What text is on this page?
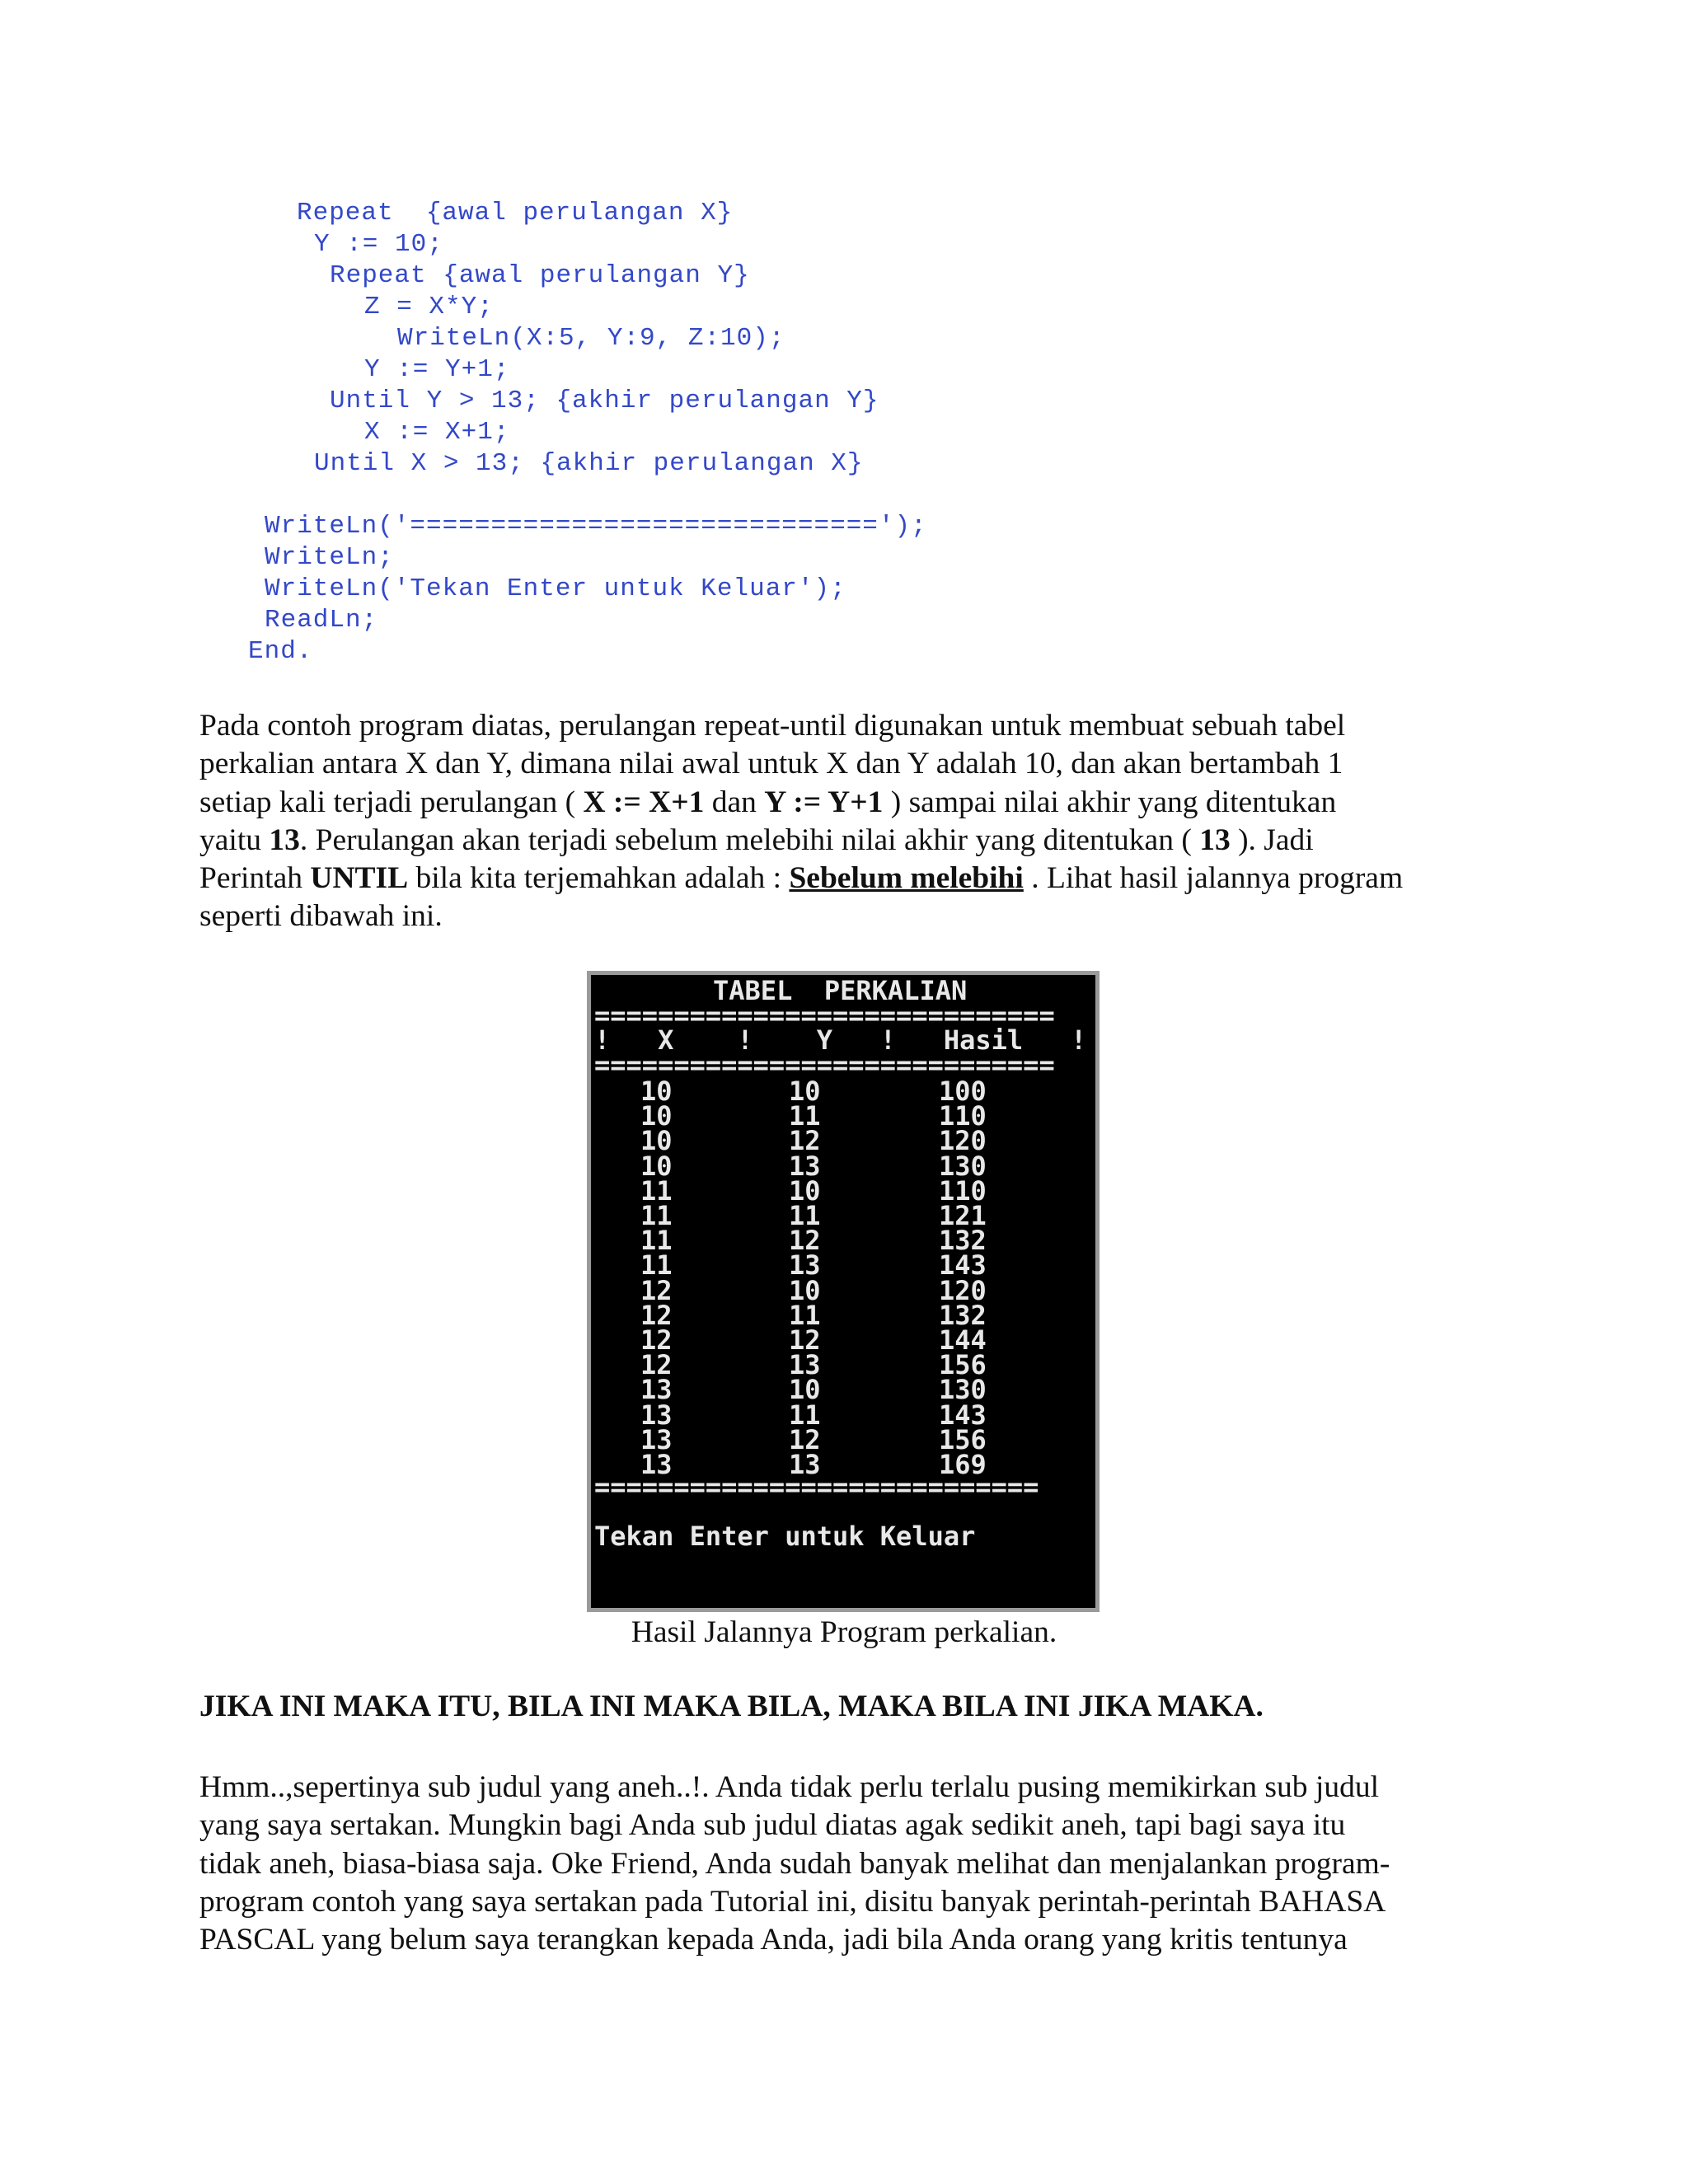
Repeat  {awal perulangan X}
Y := 10;
Repeat {awal perulangan Y}
Z = X*Y;
WriteLn(X:5, Y:9, Z:10);
Y := Y+1;
Until Y > 13; {akhir perulangan Y}
X := X+1;
Until X > 13; {akhir perulangan X}
WriteLn('=============================');
WriteLn;
WriteLn('Tekan Enter untuk Keluar');
ReadLn;
End.
Pada contoh program diatas, perulangan repeat-until digunakan untuk membuat sebuah tabel
perkalian antara X dan Y, dimana nilai awal untuk X dan Y adalah 10, dan akan bertambah 1
setiap kali terjadi perulangan ( X := X+1 dan Y := Y+1 ) sampai nilai akhir yang ditentukan
yaitu 13. Perulangan akan terjadi sebelum melebihi nilai akhir yang ditentukan ( 13 ). Jadi
Perintah UNTIL bila kita terjemahkan adalah : Sebelum melebihi . Lihat hasil jalannya program
seperti dibawah ini.
TABEL  PERKALIAN
=============================
!   X    !    Y   !   Hasil   !
=============================
10	10	100
10	11	110
10	12	120
10	13	130
11	10	110
11	11	121
11	12	132
11	13	143
12	10	120
12	11	132
12	12	144
12	13	156
13	10	130
13	11	143
13	12	156
13	13	169
============================
Tekan Enter untuk Keluar

Hasil Jalannya Program perkalian.

JIKA INI MAKA ITU, BILA INI MAKA BILA, MAKA BILA INI JIKA MAKA.
Hmm..,sepertinya sub judul yang aneh..!. Anda tidak perlu terlalu pusing memikirkan sub judul
yang saya sertakan. Mungkin bagi Anda sub judul diatas agak sedikit aneh, tapi bagi saya itu
tidak aneh, biasa-biasa saja. Oke Friend, Anda sudah banyak melihat dan menjalankan program-
program contoh yang saya sertakan pada Tutorial ini, disitu banyak perintah-perintah BAHASA
PASCAL yang belum saya terangkan kepada Anda, jadi bila Anda orang yang kritis tentunya
